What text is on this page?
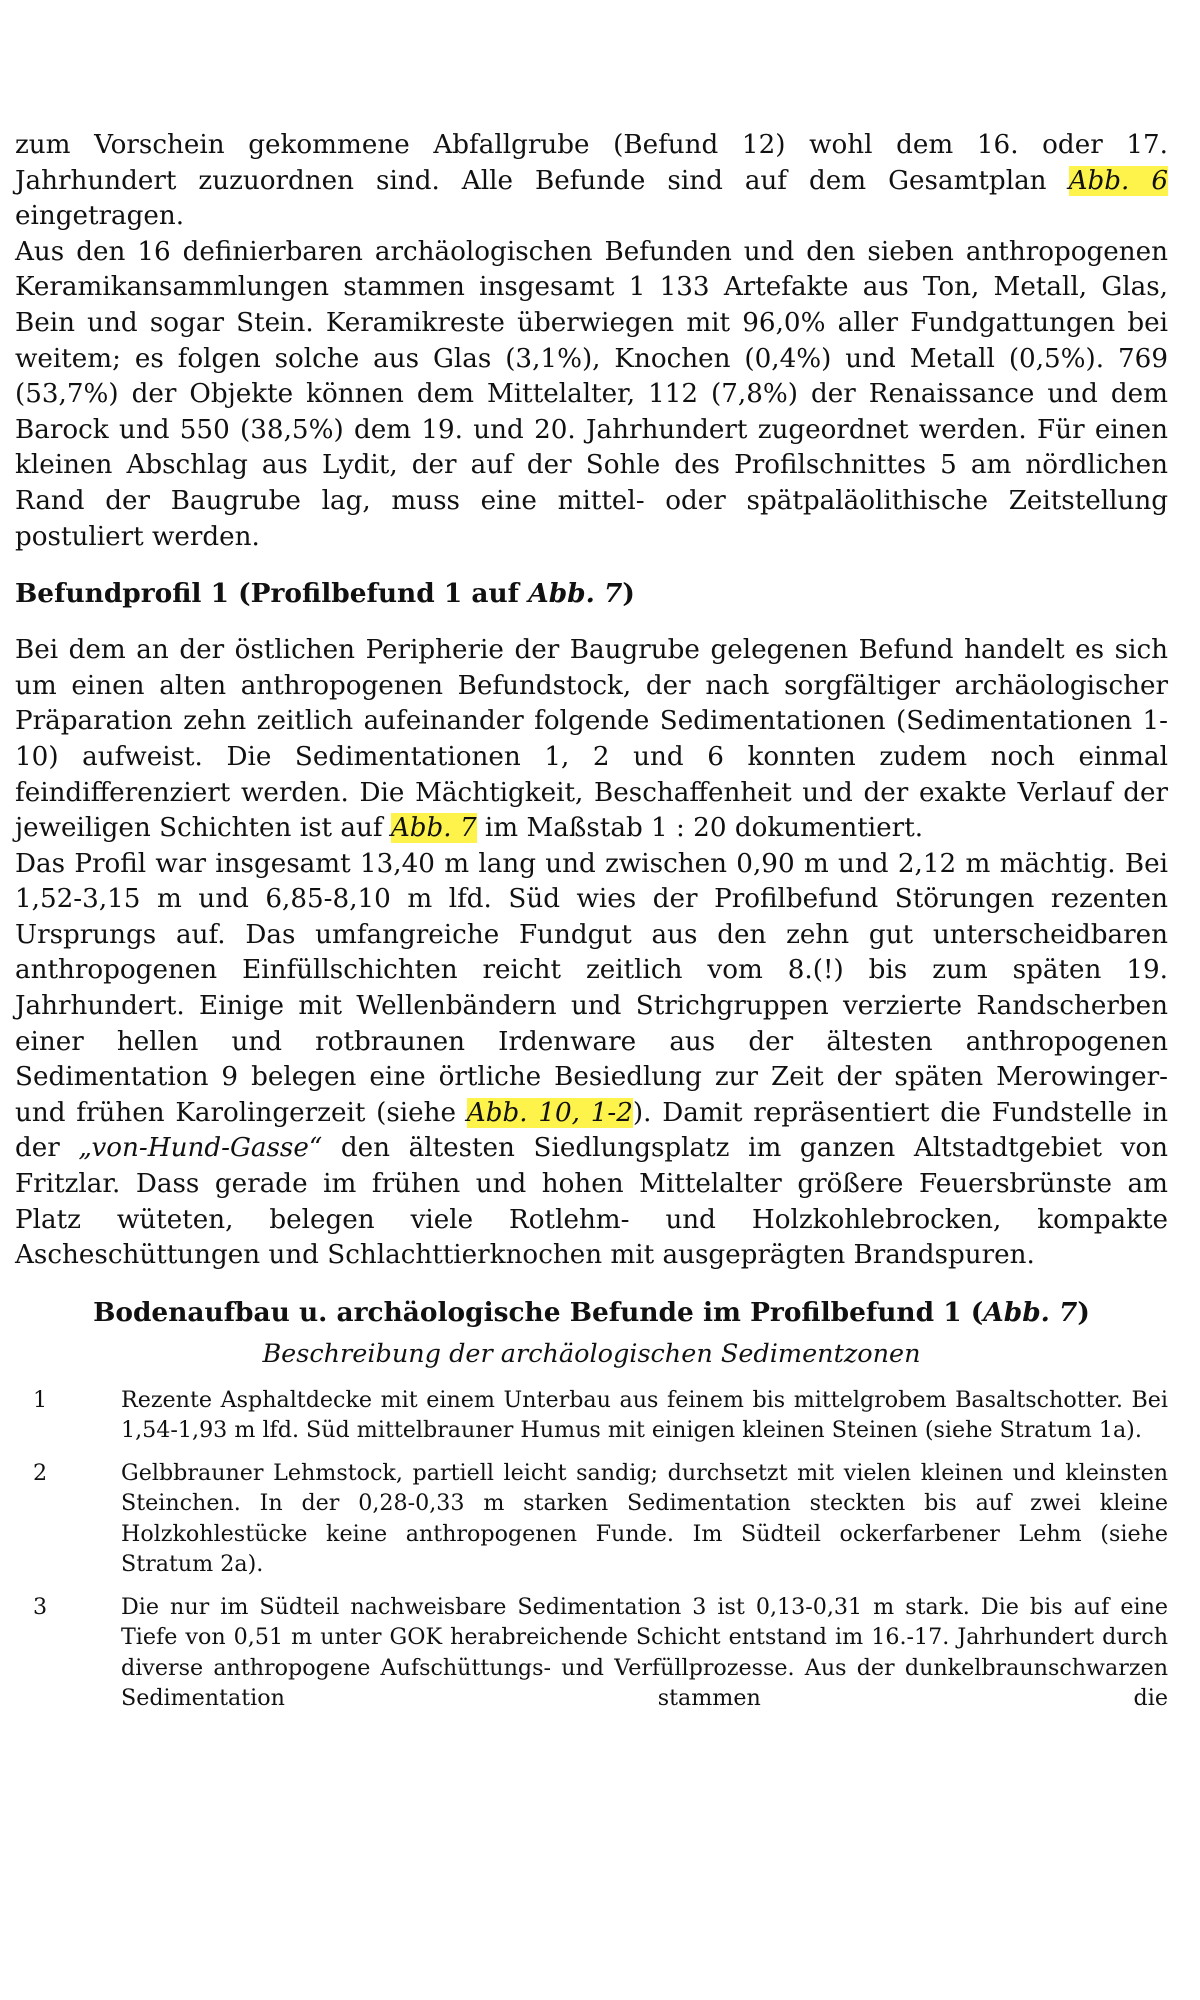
zum Vorschein gekommene Abfallgrube (Befund 12) wohl dem 16. oder 17. Jahrhundert zuzuordnen sind. Alle Befunde sind auf dem Gesamtplan Abb. 6 eingetragen.

Aus den 16 definierbaren archäologischen Befunden und den sieben anthropogenen Keramikansammlungen stammen insgesamt 1 133 Artefakte aus Ton, Metall, Glas, Bein und sogar Stein. Keramikreste überwiegen mit 96,0% aller Fundgattungen bei weitem; es folgen solche aus Glas (3,1%), Knochen (0,4%) und Metall (0,5%). 769 (53,7%) der Objekte können dem Mittelalter, 112 (7,8%) der Renaissance und dem Barock und 550 (38,5%) dem 19. und 20. Jahrhundert zugeordnet werden. Für einen kleinen Abschlag aus Lydit, der auf der Sohle des Profilschnittes 5 am nördlichen Rand der Baugrube lag, muss eine mittel- oder spätpaläolithische Zeitstellung postuliert werden.

Befundprofil 1 (Profilbefund 1 auf Abb. 7)

Bei dem an der östlichen Peripherie der Baugrube gelegenen Befund handelt es sich um einen alten anthropogenen Befundstock, der nach sorgfältiger archäologischer Präparation zehn zeitlich aufeinander folgende Sedimentationen (Sedimentationen 1-10) aufweist. Die Sedimentationen 1, 2 und 6 konnten zudem noch einmal feindifferenziert werden. Die Mächtigkeit, Beschaffenheit und der exakte Verlauf der jeweiligen Schichten ist auf Abb. 7 im Maßstab 1 : 20 dokumentiert.

Das Profil war insgesamt 13,40 m lang und zwischen 0,90 m und 2,12 m mächtig. Bei 1,52-3,15 m und 6,85-8,10 m lfd. Süd wies der Profilbefund Störungen rezenten Ursprungs auf. Das umfangreiche Fundgut aus den zehn gut unterscheidbaren anthropogenen Einfüllschichten reicht zeitlich vom 8.(!) bis zum späten 19. Jahrhundert. Einige mit Wellenbändern und Strichgruppen verzierte Randscherben einer hellen und rotbraunen Irdenware aus der ältesten anthropogenen Sedimentation 9 belegen eine örtliche Besiedlung zur Zeit der späten Merowinger- und frühen Karolingerzeit (siehe Abb. 10, 1-2). Damit repräsentiert die Fundstelle in der „von-Hund-Gasse“ den ältesten Siedlungsplatz im ganzen Altstadtgebiet von Fritzlar. Dass gerade im frühen und hohen Mittelalter größere Feuersbrünste am Platz wüteten, belegen viele Rotlehm- und Holzkohlebrocken, kompakte Ascheschüttungen und Schlachttierknochen mit ausgeprägten Brandspuren.

Bodenaufbau u. archäologische Befunde im Profilbefund 1 (Abb. 7)
Beschreibung der archäologischen Sedimentzonen
1	Rezente Asphaltdecke mit einem Unterbau aus feinem bis mittelgrobem Basaltschotter. Bei 1,54-1,93 m lfd. Süd mittelbrauner Humus mit einigen kleinen Steinen (siehe Stratum 1a).
2	Gelbbrauner Lehmstock, partiell leicht sandig; durchsetzt mit vielen kleinen und kleinsten Steinchen. In der 0,28-0,33 m starken Sedimentation steckten bis auf zwei kleine Holzkohlestücke keine anthropogenen Funde. Im Südteil ockerfarbener Lehm (siehe Stratum 2a).
3	Die nur im Südteil nachweisbare Sedimentation 3 ist 0,13-0,31 m stark. Die bis auf eine Tiefe von 0,51 m unter GOK herabreichende Schicht entstand im 16.-17. Jahrhundert durch diverse anthropogene Aufschüttungs- und Verfüllprozesse. Aus der dunkelbraunschwarzen Sedimentation stammen die
